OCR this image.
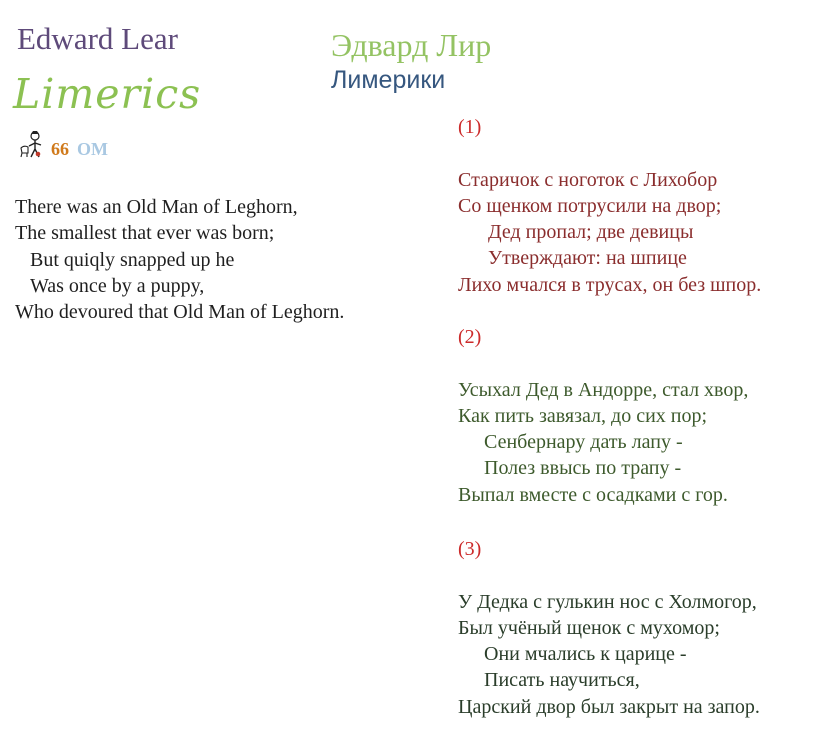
Edward Lear
Limerics
66 OM
There was an Old Man of Leghorn,
The smallest that ever was born;
But quiqly snapped up he
Was once by a puppy,
Who devoured that Old Man of Leghorn.
Эдвард Лир
Лимерики
(1)
Старичок с ноготок с Лихобор
Со щенком потрусили на двор;
Дед пропал; две девицы
Утверждают: на шпице
Лихо мчался в трусах, он без шпор.
(2)
Усыхал Дед в Андорре, стал хвор,
Как пить завязал, до сих пор;
Сенбернару дать лапу -
Полез ввысь по трапу -
Выпал вместе с осадками с гор.
(3)
У Дедка с гулькин нос с Холмогор,
Был учёный щенок с мухомор;
Они мчались к царице -
Писать научиться,
Царский двор был закрыт на запор.
